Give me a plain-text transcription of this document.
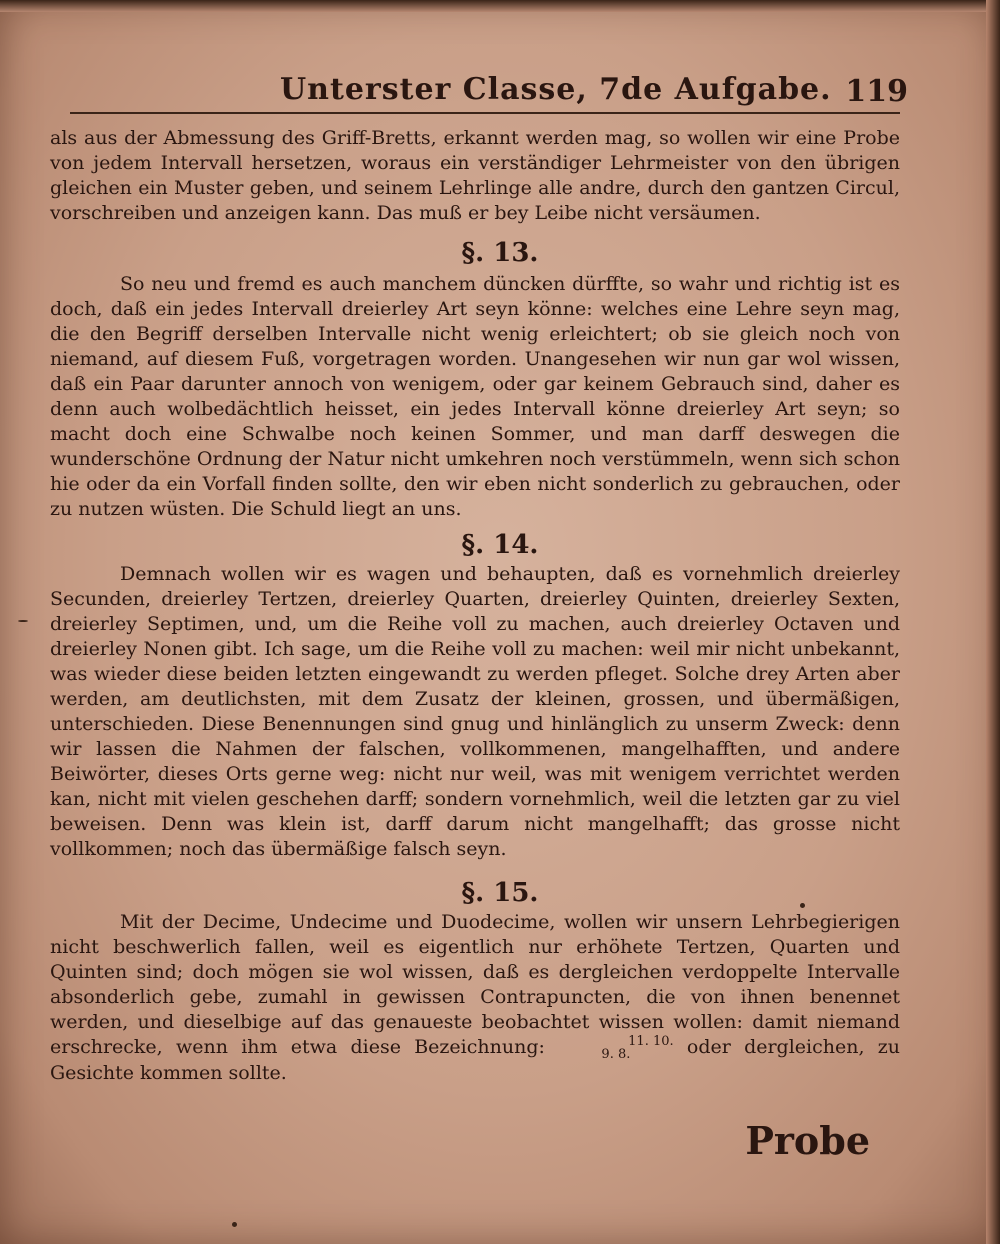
Unterster Classe, 7de Aufgabe. 119

als aus der Abmessung des Griff-Bretts, erkannt werden mag, so wollen wir eine Probe von jedem Intervall hersetzen, woraus ein verständiger Lehrmeister von den übrigen gleichen ein Muster geben, und seinem Lehrlinge alle andre, durch den gantzen Circul, vorschreiben und anzeigen kann. Das muß er bey Leibe nicht versäumen.

§. 13.

So neu und fremd es auch manchem düncken dürffte, so wahr und richtig ist es doch, daß ein jedes Intervall dreierley Art seyn könne: welches eine Lehre seyn mag, die den Begriff derselben Intervalle nicht wenig erleichtert; ob sie gleich noch von niemand, auf diesem Fuß, vorgetragen worden. Unangesehen wir nun gar wol wissen, daß ein Paar darunter annoch von wenigem, oder gar keinem Gebrauch sind, daher es denn auch wolbedächtlich heisset, ein jedes Intervall könne dreierley Art seyn; so macht doch eine Schwalbe noch keinen Sommer, und man darff deswegen die wunderschöne Ordnung der Natur nicht umkehren noch verstümmeln, wenn sich schon hie oder da ein Vorfall finden sollte, den wir eben nicht sonderlich zu gebrauchen, oder zu nutzen wüsten. Die Schuld liegt an uns.

§. 14.

Demnach wollen wir es wagen und behaupten, daß es vornehmlich dreierley Secunden, dreierley Tertzen, dreierley Quarten, dreierley Quinten, dreierley Sexten, dreierley Septimen, und, um die Reihe voll zu machen, auch dreierley Octaven und dreierley Nonen gibt. Ich sage, um die Reihe voll zu machen: weil mir nicht unbekannt, was wieder diese beiden letzten eingewandt zu werden pfleget. Solche drey Arten aber werden, am deutlichsten, mit dem Zusatz der kleinen, grossen, und übermäßigen, unterschieden. Diese Benennungen sind gnug und hinlänglich zu unserm Zweck: denn wir lassen die Nahmen der falschen, vollkommenen, mangelhafften, und andere Beiwörter, dieses Orts gerne weg: nicht nur weil, was mit wenigem verrichtet werden kan, nicht mit vielen geschehen darff; sondern vornehmlich, weil die letzten gar zu viel beweisen. Denn was klein ist, darff darum nicht mangelhafft; das grosse nicht vollkommen; noch das übermäßige falsch seyn.

§. 15.

Mit der Decime, Undecime und Duodecime, wollen wir unsern Lehrbegierigen nicht beschwerlich fallen, weil es eigentlich nur erhöhete Tertzen, Quarten und Quinten sind; doch mögen sie wol wissen, daß es dergleichen verdoppelte Intervalle absonderlich gebe, zumahl in gewissen Contrapuncten, die von ihnen benennet werden, und dieselbige auf das genaueste beobachtet wissen wollen: damit niemand erschrecke, wenn ihm etwa diese Bezeichnung:	11. 10.
9. 8.	oder dergleichen, zu Gesichte kommen sollte.

Probe
